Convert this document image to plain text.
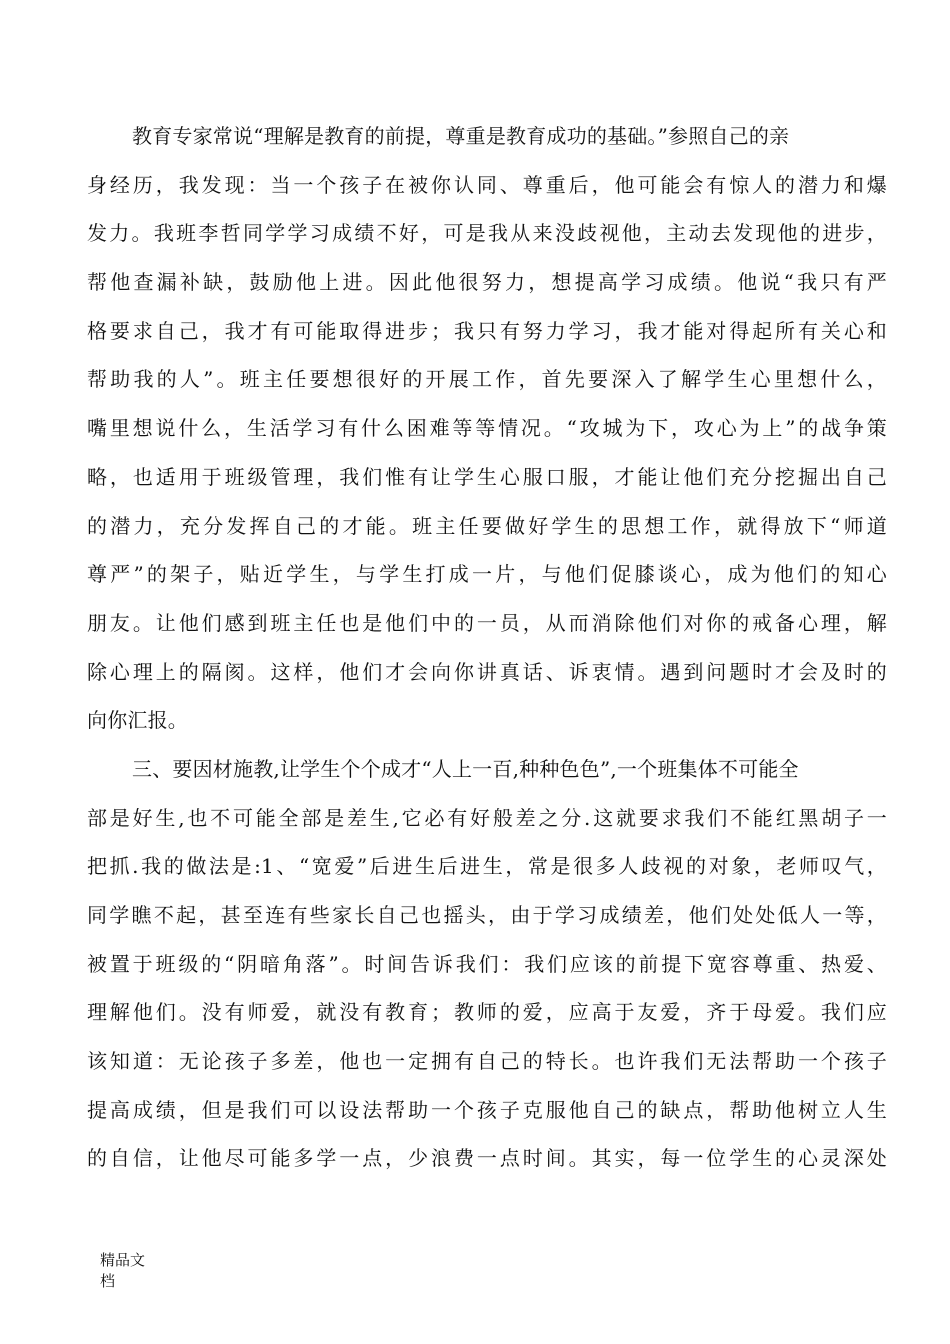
教育专家常说“理解是教育的前提，尊重是教育成功的基础。”参照自己的亲
身经历，我发现：当一个孩子在被你认同、尊重后，他可能会有惊人的潜力和爆
发力。我班李哲同学学习成绩不好，可是我从来没歧视他，主动去发现他的进步，
帮他查漏补缺，鼓励他上进。因此他很努力，想提高学习成绩。他说“我只有严
格要求自己，我才有可能取得进步；我只有努力学习，我才能对得起所有关心和
帮助我的人”。班主任要想很好的开展工作，首先要深入了解学生心里想什么，
嘴里想说什么，生活学习有什么困难等等情况。“攻城为下，攻心为上”的战争策
略，也适用于班级管理，我们惟有让学生心服口服，才能让他们充分挖掘出自己
的潜力，充分发挥自己的才能。班主任要做好学生的思想工作，就得放下“师道
尊严”的架子，贴近学生，与学生打成一片，与他们促膝谈心，成为他们的知心
朋友。让他们感到班主任也是他们中的一员，从而消除他们对你的戒备心理，解
除心理上的隔阂。这样，他们才会向你讲真话、诉衷情。遇到问题时才会及时的
向你汇报。
三、要因材施教,让学生个个成才“人上一百,种种色色”,一个班集体不可能全
部是好生,也不可能全部是差生,它必有好般差之分.这就要求我们不能红黑胡子一
把抓.我的做法是:1、“宽爱”后进生后进生，常是很多人歧视的对象，老师叹气，
同学瞧不起，甚至连有些家长自己也摇头，由于学习成绩差，他们处处低人一等，
被置于班级的“阴暗角落”。时间告诉我们：我们应该的前提下宽容尊重、热爱、
理解他们。没有师爱，就没有教育；教师的爱，应高于友爱，齐于母爱。我们应
该知道：无论孩子多差，他也一定拥有自己的特长。也许我们无法帮助一个孩子
提高成绩，但是我们可以设法帮助一个孩子克服他自己的缺点，帮助他树立人生
的自信，让他尽可能多学一点，少浪费一点时间。其实，每一位学生的心灵深处
精品文
档
